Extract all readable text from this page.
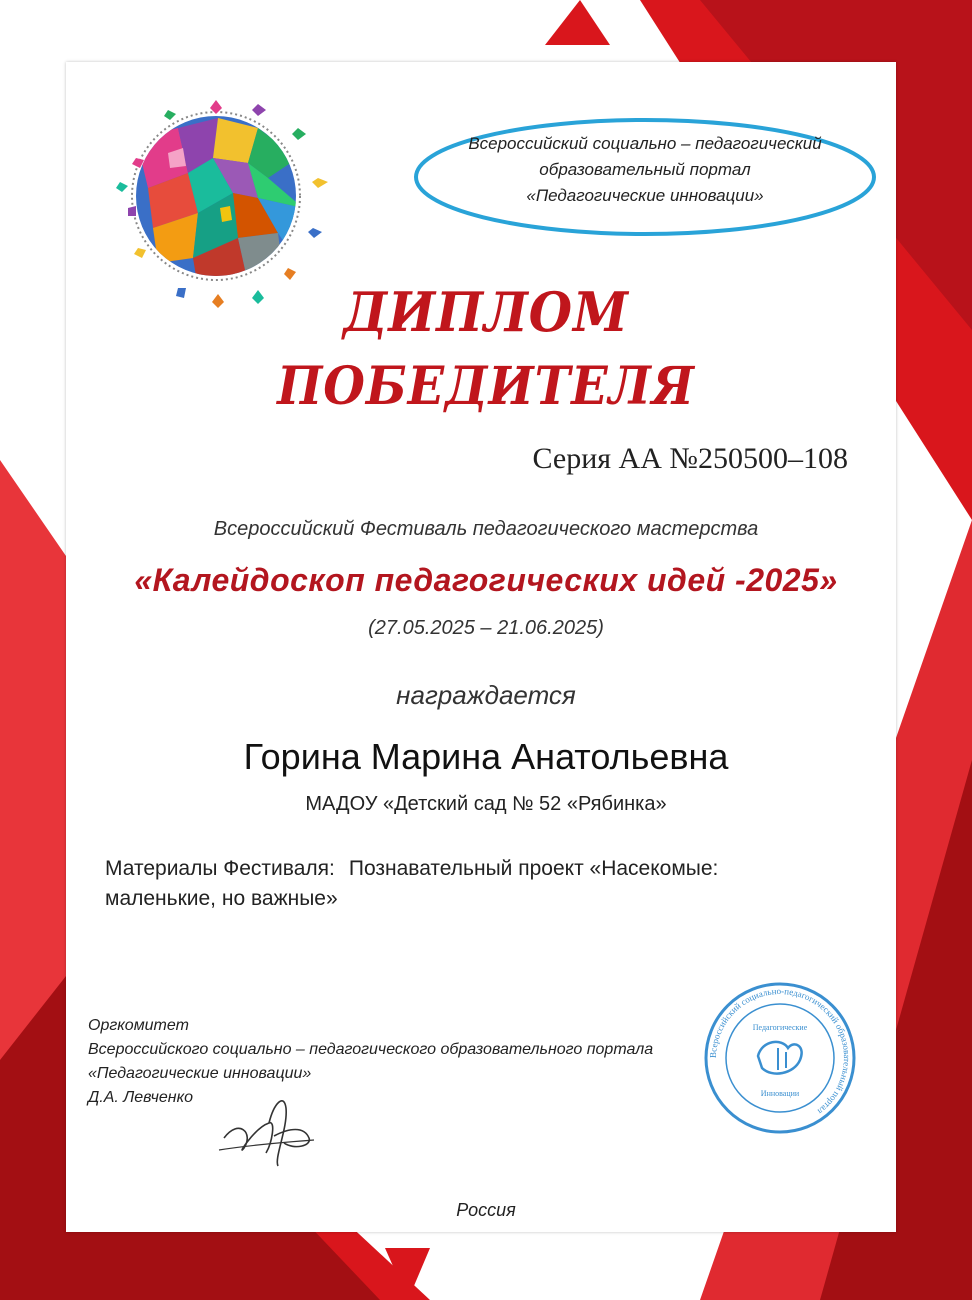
Всероссийский социально – педагогический
образовательный портал
«Педагогические инновации»
ДИПЛОМ
ПОБЕДИТЕЛЯ
Серия АА №250500–108
Всероссийский Фестиваль педагогического мастерства
«Калейдоскоп педагогических идей -2025»
(27.05.2025 – 21.06.2025)
награждается
Горина Марина Анатольевна
МАДОУ «Детский сад № 52 «Рябинка»
Материалы Фестиваля: Познавательный проект «Насекомые: маленькие, но важные»
Оргкомитет
Всероссийского социально – педагогического образовательного портала
«Педагогические инновации»
Д.А. Левченко
Всероссийский социально-педагогический образовательный портал
Педагогические
Инновации
Россия
